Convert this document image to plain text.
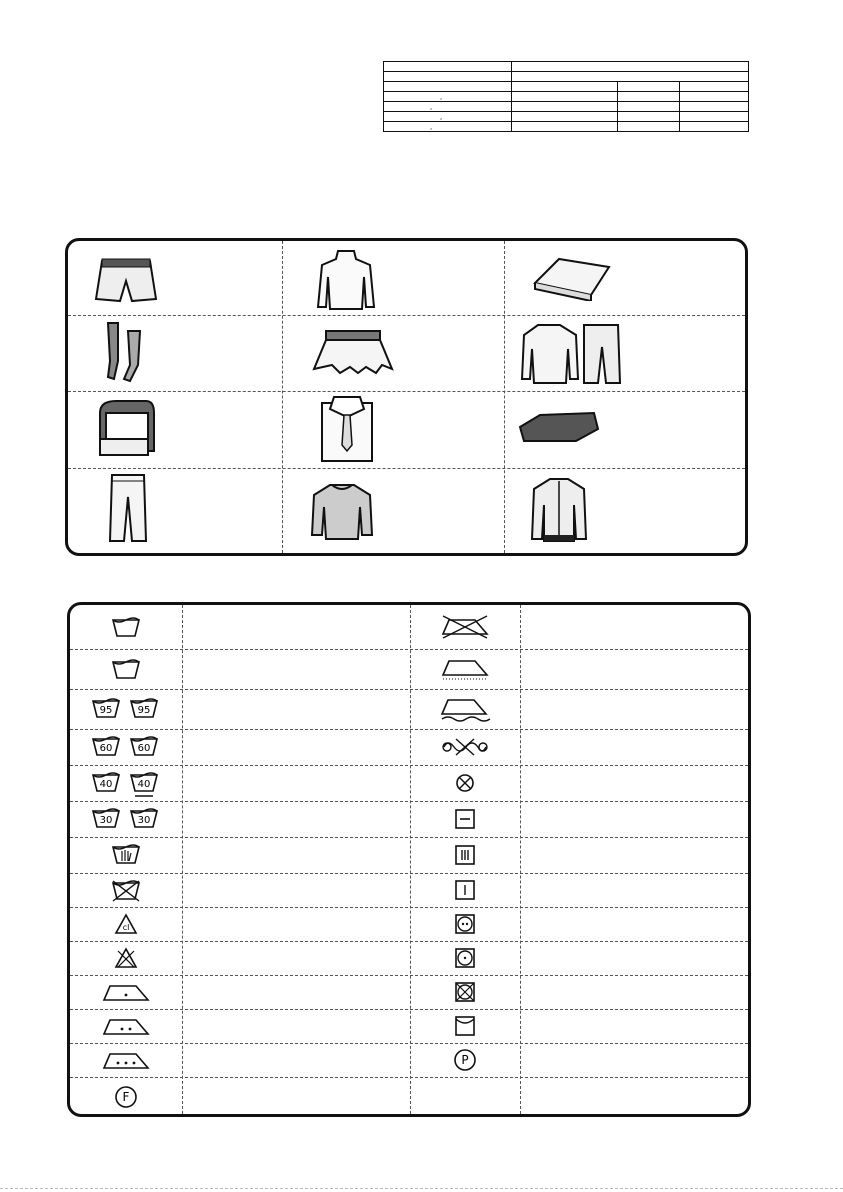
,			
,			
,			
,			
95	95
60	60
40	40
30	30
cl
P
F
